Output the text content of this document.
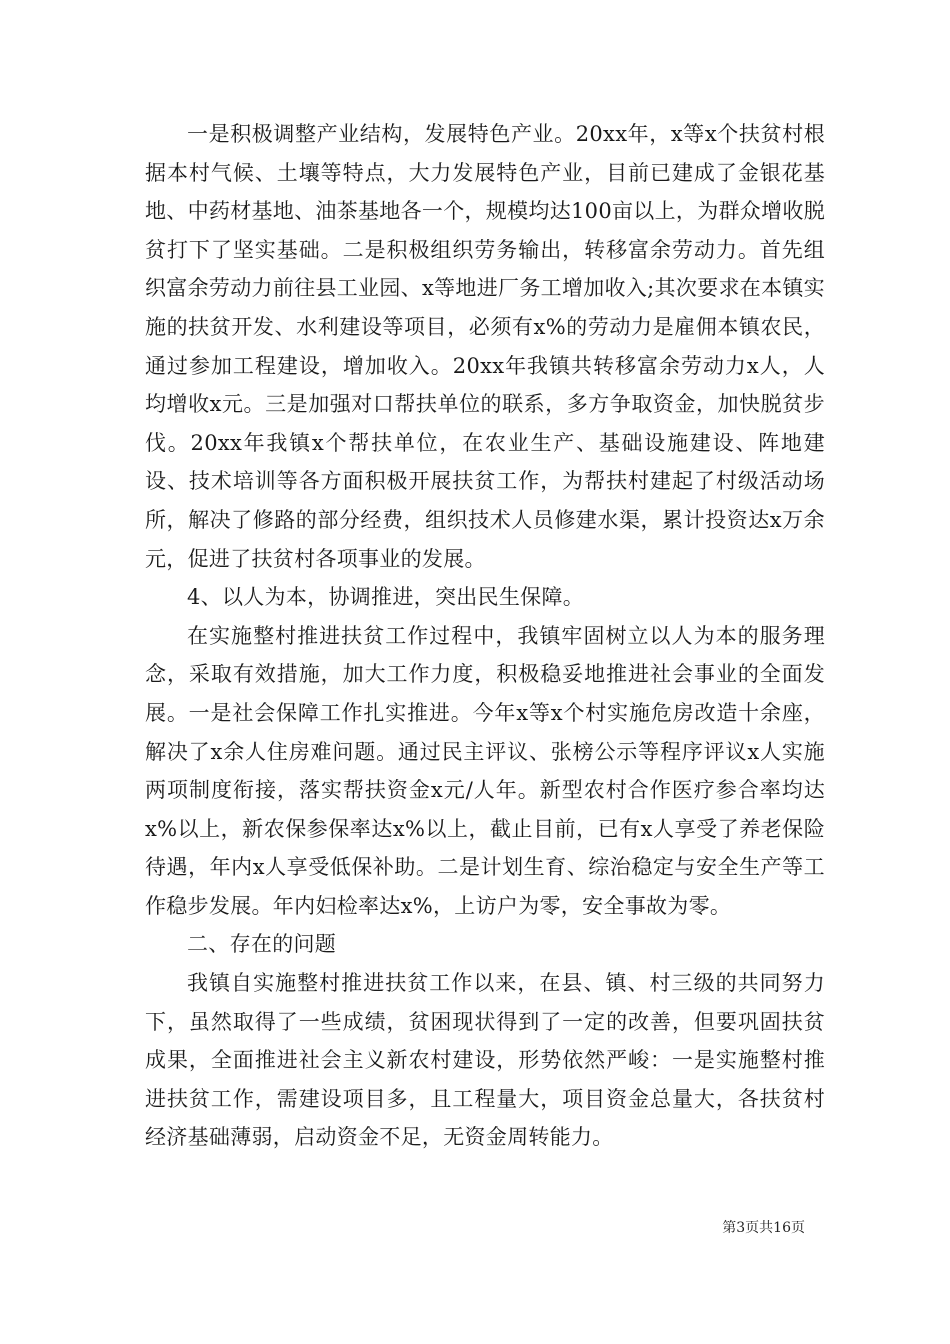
一是积极调整产业结构，发展特色产业。20xx年，x等x个扶贫村根据本村气候、土壤等特点，大力发展特色产业，目前已建成了金银花基地、中药材基地、油茶基地各一个，规模均达100亩以上，为群众增收脱贫打下了坚实基础。二是积极组织劳务输出，转移富余劳动力。首先组织富余劳动力前往县工业园、x等地进厂务工增加收入;其次要求在本镇实施的扶贫开发、水利建设等项目，必须有x%的劳动力是雇佣本镇农民，通过参加工程建设，增加收入。20xx年我镇共转移富余劳动力x人，人均增收x元。三是加强对口帮扶单位的联系，多方争取资金，加快脱贫步伐。20xx年我镇x个帮扶单位，在农业生产、基础设施建设、阵地建设、技术培训等各方面积极开展扶贫工作，为帮扶村建起了村级活动场所，解决了修路的部分经费，组织技术人员修建水渠，累计投资达x万余元，促进了扶贫村各项事业的发展。

4、以人为本，协调推进，突出民生保障。

在实施整村推进扶贫工作过程中，我镇牢固树立以人为本的服务理念，采取有效措施，加大工作力度，积极稳妥地推进社会事业的全面发展。一是社会保障工作扎实推进。今年x等x个村实施危房改造十余座，解决了x余人住房难问题。通过民主评议、张榜公示等程序评议x人实施两项制度衔接，落实帮扶资金x元/人年。新型农村合作医疗参合率均达x%以上，新农保参保率达x%以上，截止目前，已有x人享受了养老保险待遇，年内x人享受低保补助。二是计划生育、综治稳定与安全生产等工作稳步发展。年内妇检率达x%，上访户为零，安全事故为零。

二、存在的问题

我镇自实施整村推进扶贫工作以来，在县、镇、村三级的共同努力下，虽然取得了一些成绩，贫困现状得到了一定的改善，但要巩固扶贫成果，全面推进社会主义新农村建设，形势依然严峻：一是实施整村推进扶贫工作，需建设项目多，且工程量大，项目资金总量大，各扶贫村经济基础薄弱，启动资金不足，无资金周转能力。

第3页共16页
